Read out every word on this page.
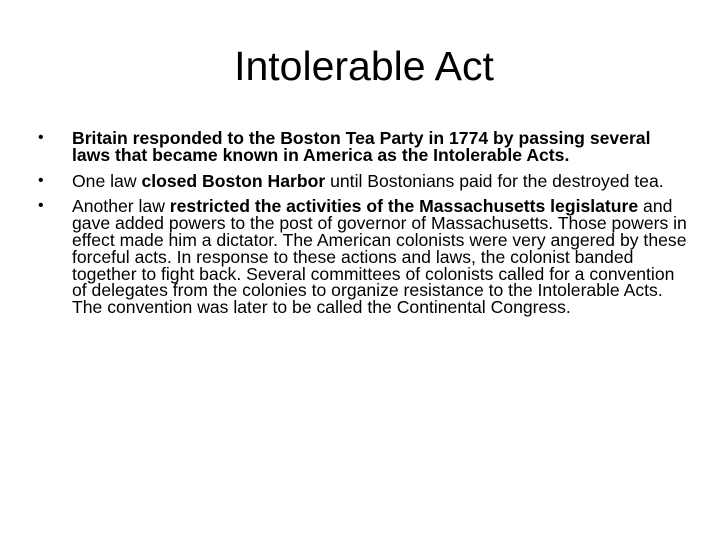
Intolerable Act
•	Britain responded to the Boston Tea Party in 1774 by passing several laws that became known in America as the Intolerable Acts.
•	One law closed Boston Harbor until Bostonians paid for the destroyed tea.
•	Another law restricted the activities of the Massachusetts legislature and gave added powers to the post of governor of Massachusetts. Those powers in effect made him a dictator. The American colonists were very angered by these forceful acts. In response to these actions and laws, the colonist banded together to fight back. Several committees of colonists called for a convention of delegates from the colonies to organize resistance to the Intolerable Acts. The convention was later to be called the Continental Congress.
